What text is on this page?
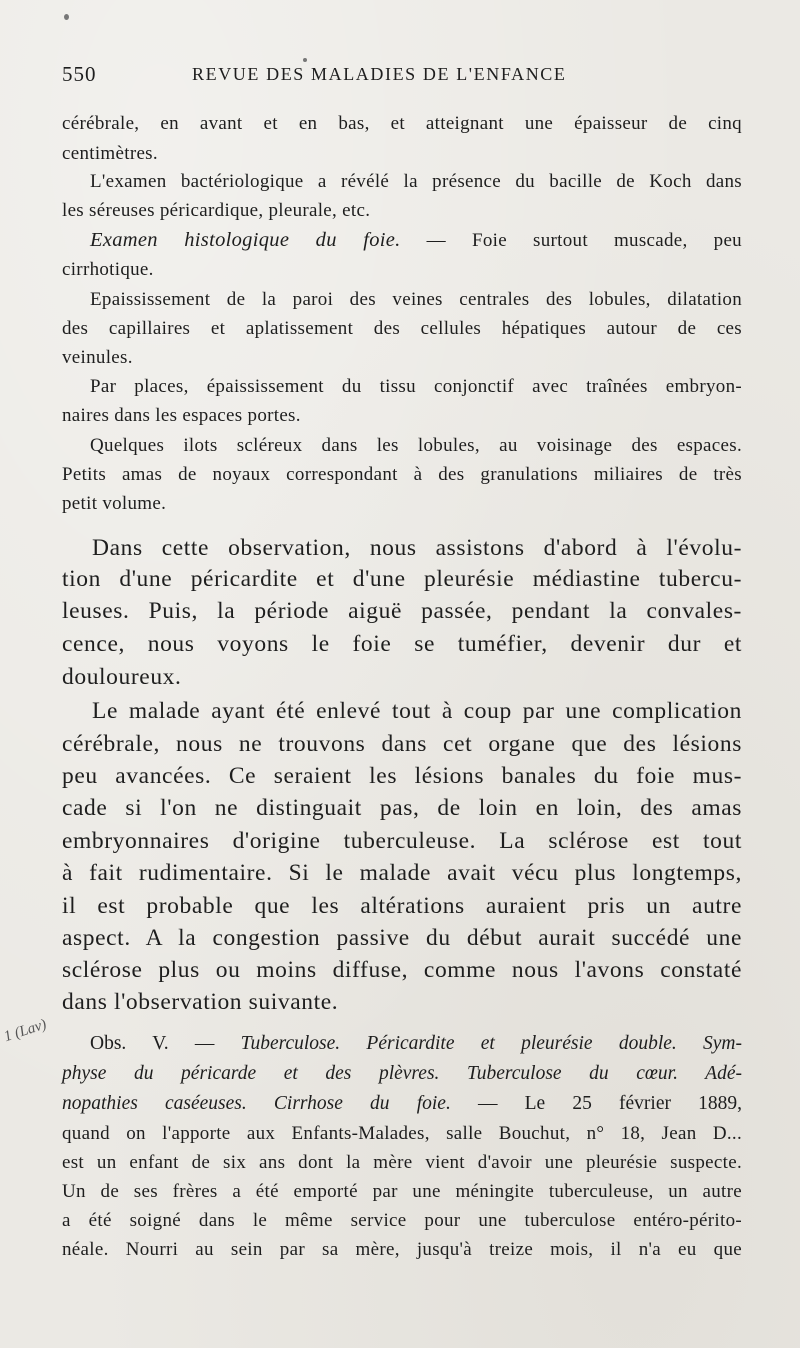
550	REVUE DES MALADIES DE L'ENFANCE
1 (Lav)
cérébrale, en avant et en bas, et atteignant une épaisseur de cinq
centimètres.
L'examen bactériologique a révélé la présence du bacille de Koch dans
les séreuses péricardique, pleurale, etc.
Examen histologique du foie. — Foie surtout muscade, peu
cirrhotique.
Epaississement de la paroi des veines centrales des lobules, dilatation
des capillaires et aplatissement des cellules hépatiques autour de ces
veinules.
Par places, épaississement du tissu conjonctif avec traînées embryon-
naires dans les espaces portes.
Quelques ilots scléreux dans les lobules, au voisinage des espaces.
Petits amas de noyaux correspondant à des granulations miliaires de très
petit volume.
Dans cette observation, nous assistons d'abord à l'évolu-
tion d'une péricardite et d'une pleurésie médiastine tubercu-
leuses. Puis, la période aiguë passée, pendant la convales-
cence, nous voyons le foie se tuméfier, devenir dur et
douloureux.
Le malade ayant été enlevé tout à coup par une complication
cérébrale, nous ne trouvons dans cet organe que des lésions
peu avancées. Ce seraient les lésions banales du foie mus-
cade si l'on ne distinguait pas, de loin en loin, des amas
embryonnaires d'origine tuberculeuse. La sclérose est tout
à fait rudimentaire. Si le malade avait vécu plus longtemps,
il est probable que les altérations auraient pris un autre
aspect. A la congestion passive du début aurait succédé une
sclérose plus ou moins diffuse, comme nous l'avons constaté
dans l'observation suivante.
Obs. V. — Tuberculose. Péricardite et pleurésie double. Sym-
physe du péricarde et des plèvres. Tuberculose du cœur. Adé-
nopathies caséeuses. Cirrhose du foie. — Le 25 février 1889,
quand on l'apporte aux Enfants-Malades, salle Bouchut, n° 18, Jean D...
est un enfant de six ans dont la mère vient d'avoir une pleurésie suspecte.
Un de ses frères a été emporté par une méningite tuberculeuse, un autre
a été soigné dans le même service pour une tuberculose entéro-périto-
néale. Nourri au sein par sa mère, jusqu'à treize mois, il n'a eu que
